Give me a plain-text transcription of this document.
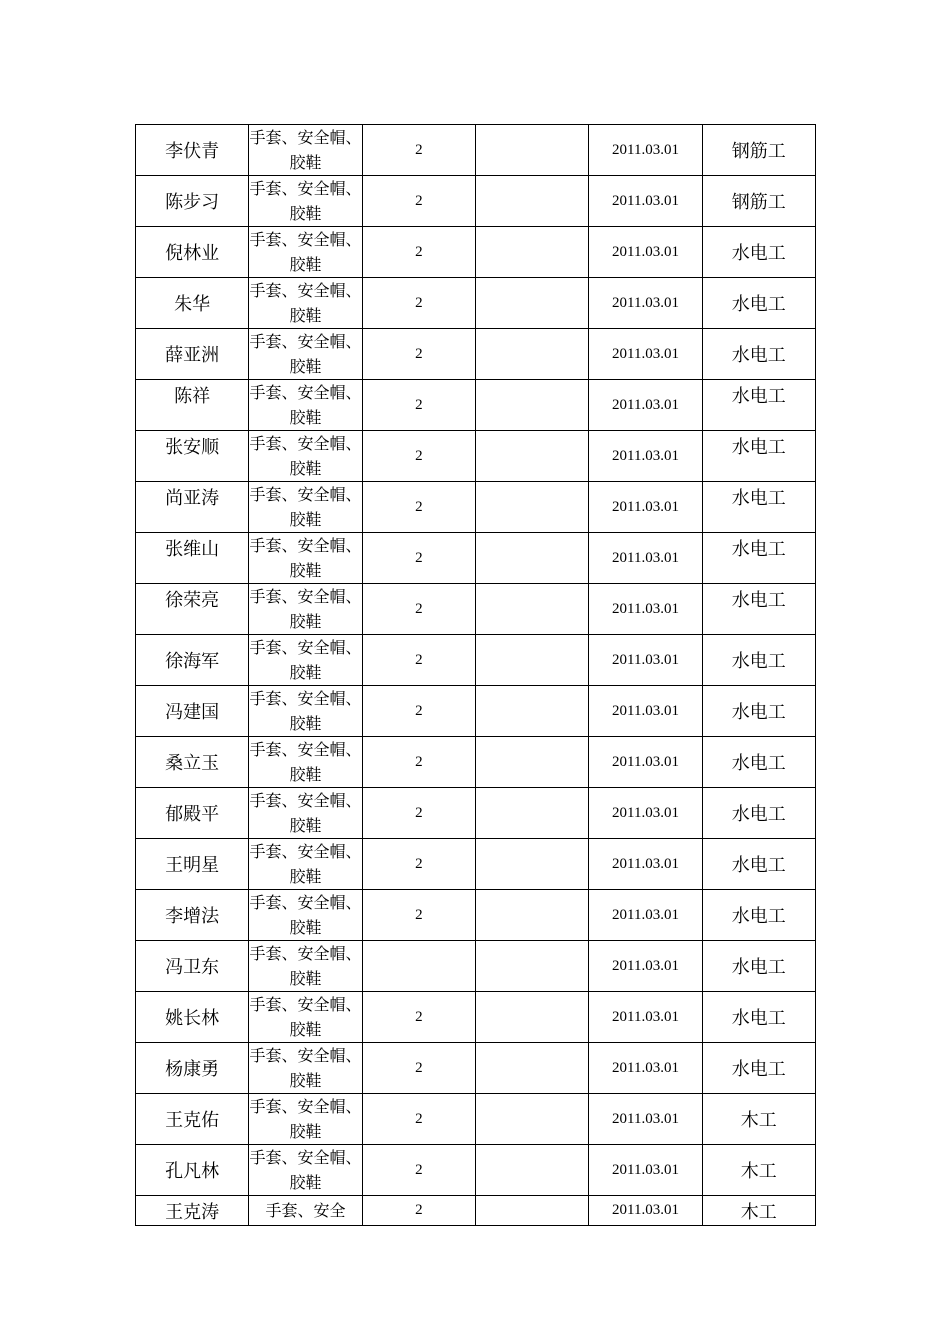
李伏青	手套、安全帽、胶鞋	2		2011.03.01	钢筋工
陈步习	手套、安全帽、胶鞋	2		2011.03.01	钢筋工
倪林业	手套、安全帽、胶鞋	2		2011.03.01	水电工
朱华	手套、安全帽、胶鞋	2		2011.03.01	水电工
薛亚洲	手套、安全帽、胶鞋	2		2011.03.01	水电工
陈祥	手套、安全帽、胶鞋	2		2011.03.01	水电工
张安顺	手套、安全帽、胶鞋	2		2011.03.01	水电工
尚亚涛	手套、安全帽、胶鞋	2		2011.03.01	水电工
张维山	手套、安全帽、胶鞋	2		2011.03.01	水电工
徐荣亮	手套、安全帽、胶鞋	2		2011.03.01	水电工
徐海军	手套、安全帽、胶鞋	2		2011.03.01	水电工
冯建国	手套、安全帽、胶鞋	2		2011.03.01	水电工
桑立玉	手套、安全帽、胶鞋	2		2011.03.01	水电工
郁殿平	手套、安全帽、胶鞋	2		2011.03.01	水电工
王明星	手套、安全帽、胶鞋	2		2011.03.01	水电工
李增法	手套、安全帽、胶鞋	2		2011.03.01	水电工
冯卫东	手套、安全帽、胶鞋			2011.03.01	水电工
姚长林	手套、安全帽、胶鞋	2		2011.03.01	水电工
杨康勇	手套、安全帽、胶鞋	2		2011.03.01	水电工
王克佑	手套、安全帽、胶鞋	2		2011.03.01	木工
孔凡林	手套、安全帽、胶鞋	2		2011.03.01	木工
王克涛	手套、安全	2		2011.03.01	木工
